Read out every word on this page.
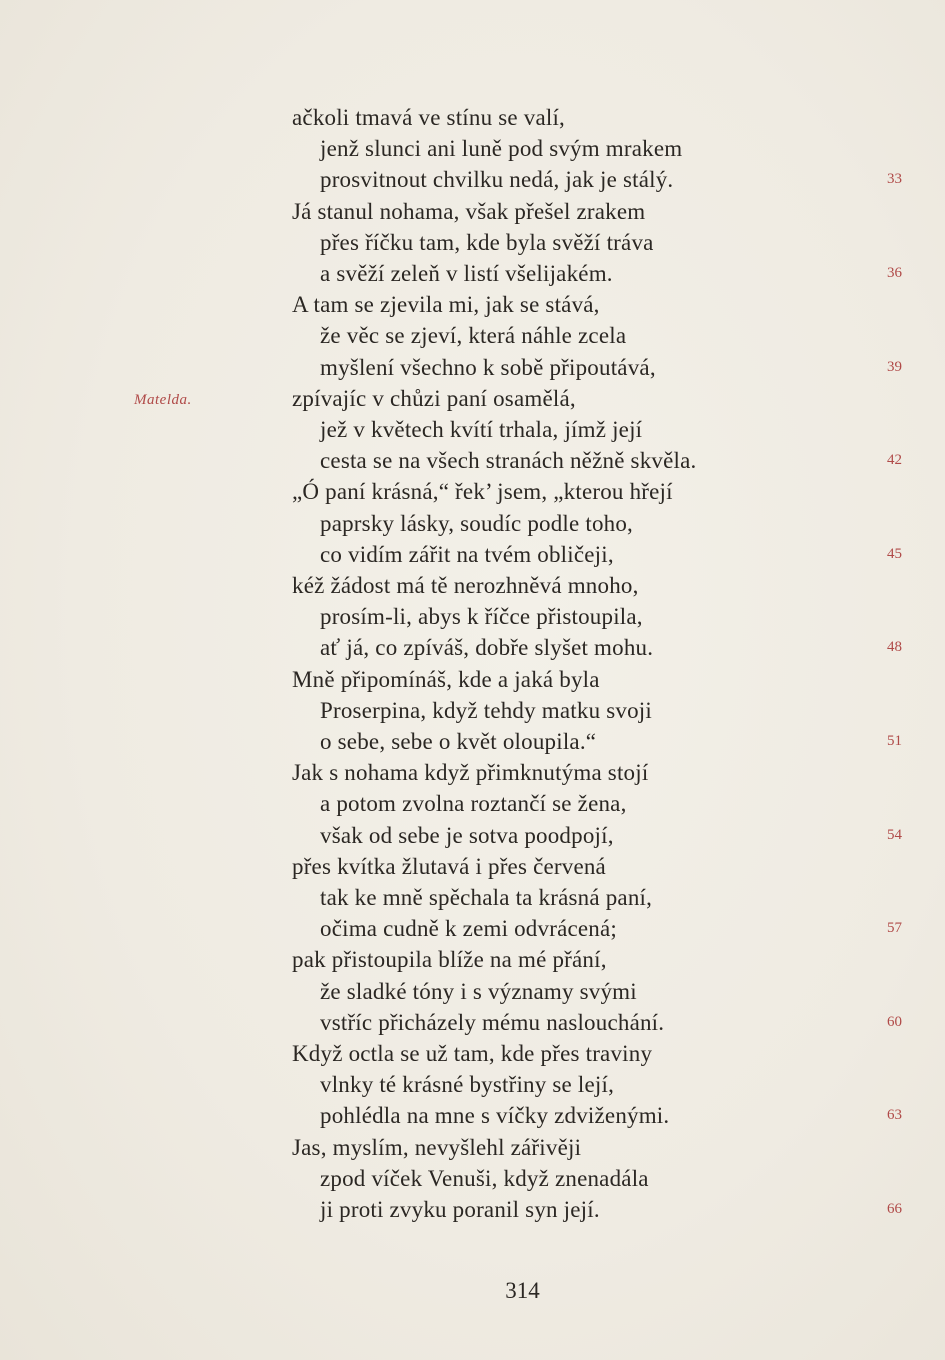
Matelda.
ačkoli tmavá ve stínu se valí,
jenž slunci ani luně pod svým mrakem
prosvitnout chvilku nedá, jak je stálý.	33
Já stanul nohama, však přešel zrakem
přes říčku tam, kde byla svěží tráva
a svěží zeleň v listí všelijakém.	36
A tam se zjevila mi, jak se stává,
že věc se zjeví, která náhle zcela
myšlení všechno k sobě připoutává,	39
zpívajíc v chůzi paní osamělá,
jež v květech kvítí trhala, jímž její
cesta se na všech stranách něžně skvěla.	42
„Ó paní krásná,“ řek’ jsem, „kterou hřejí
paprsky lásky, soudíc podle toho,
co vidím zářit na tvém obličeji,	45
kéž žádost má tě nerozhněvá mnoho,
prosím-li, abys k říčce přistoupila,
ať já, co zpíváš, dobře slyšet mohu.	48
Mně připomínáš, kde a jaká byla
Proserpina, když tehdy matku svoji
o sebe, sebe o květ oloupila.“	51
Jak s nohama když přimknutýma stojí
a potom zvolna roztančí se žena,
však od sebe je sotva poodpojí,	54
přes kvítka žlutavá i přes červená
tak ke mně spěchala ta krásná paní,
očima cudně k zemi odvrácená;	57
pak přistoupila blíže na mé přání,
že sladké tóny i s významy svými
vstříc přicházely mému naslouchání.	60
Když octla se už tam, kde přes traviny
vlnky té krásné bystřiny se lejí,
pohlédla na mne s víčky zdviženými.	63
Jas, myslím, nevyšlehl zářivěji
zpod víček Venuši, když znenadála
ji proti zvyku poranil syn její.	66
314
